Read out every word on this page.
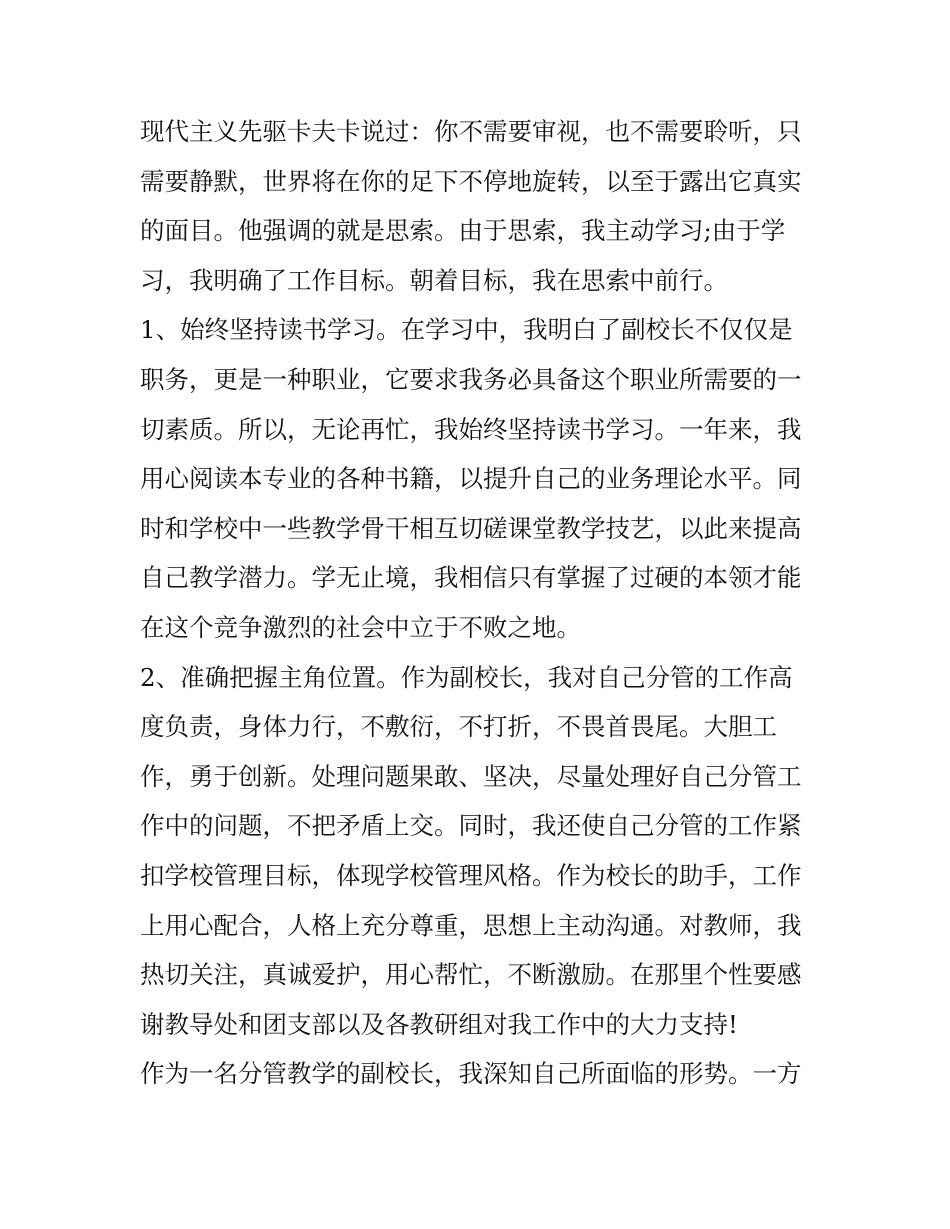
现代主义先驱卡夫卡说过：你不需要审视，也不需要聆听，只
需要静默，世界将在你的足下不停地旋转，以至于露出它真实
的面目。他强调的就是思索。由于思索，我主动学习;由于学
习，我明确了工作目标。朝着目标，我在思索中前行。
1、始终坚持读书学习。在学习中，我明白了副校长不仅仅是
职务，更是一种职业，它要求我务必具备这个职业所需要的一
切素质。所以，无论再忙，我始终坚持读书学习。一年来，我
用心阅读本专业的各种书籍，以提升自己的业务理论水平。同
时和学校中一些教学骨干相互切磋课堂教学技艺，以此来提高
自己教学潜力。学无止境，我相信只有掌握了过硬的本领才能
在这个竞争激烈的社会中立于不败之地。
2、准确把握主角位置。作为副校长，我对自己分管的工作高
度负责，身体力行，不敷衍，不打折，不畏首畏尾。大胆工
作，勇于创新。处理问题果敢、坚决，尽量处理好自己分管工
作中的问题，不把矛盾上交。同时，我还使自己分管的工作紧
扣学校管理目标，体现学校管理风格。作为校长的助手，工作
上用心配合，人格上充分尊重，思想上主动沟通。对教师，我
热切关注，真诚爱护，用心帮忙，不断激励。在那里个性要感
谢教导处和团支部以及各教研组对我工作中的大力支持!
作为一名分管教学的副校长，我深知自己所面临的形势。一方
